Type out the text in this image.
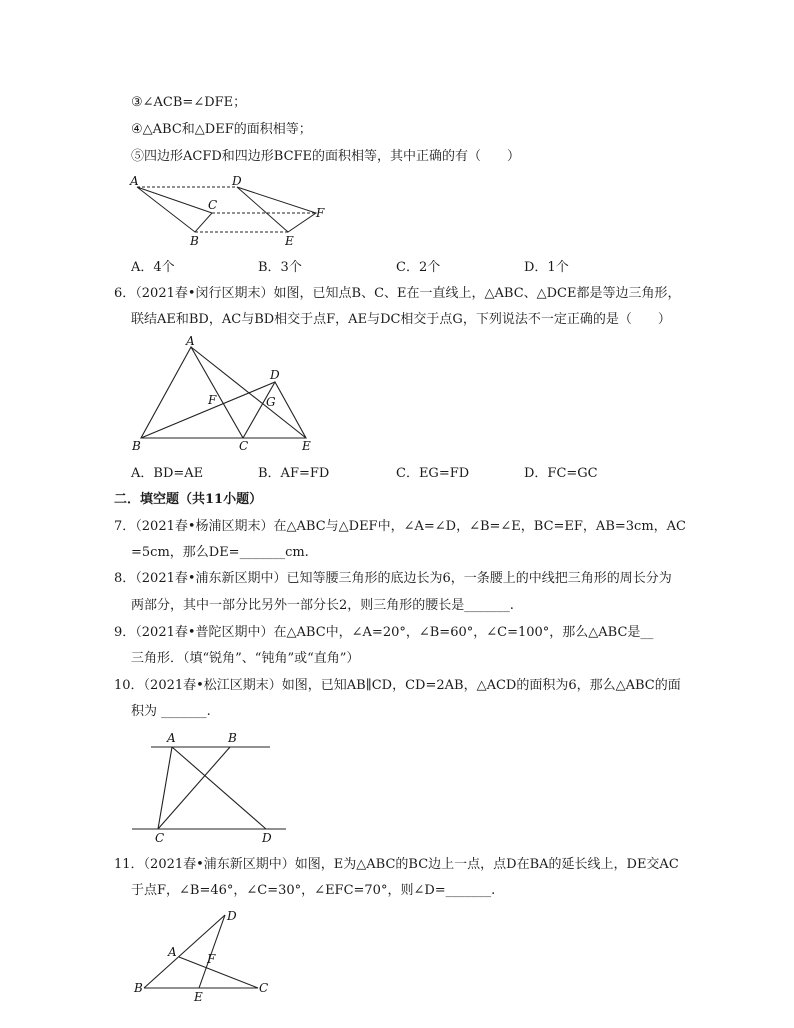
③∠ACB=∠DFE；
④△ABC和△DEF的面积相等；
⑤四边形ACFD和四边形BCFE的面积相等，其中正确的有（　　）
A	D
C
F
B	E
A．4个	B．3个	C．2个	D．1个
6．（2021春•闵行区期末）如图，已知点B、C、E在一直线上，△ABC、△DCE都是等边三角形，
联结AE和BD，AC与BD相交于点F，AE与DC相交于点G，下列说法不一定正确的是（　　）
A
D
F	G
B	C	E
A．BD=AE	B．AF=FD	C．EG=FD	D．FC=GC
二．填空题（共11小题）
7．（2021春•杨浦区期末）在△ABC与△DEF中，∠A=∠D，∠B=∠E，BC=EF，AB=3cm，AC
=5cm，那么DE=_______cm.
8．（2021春•浦东新区期中）已知等腰三角形的底边长为6，一条腰上的中线把三角形的周长分为
两部分，其中一部分比另外一部分长2，则三角形的腰长是_______.
9．（2021春•普陀区期中）在△ABC中，∠A=20°，∠B=60°，∠C=100°，那么△ABC是__
三角形．（填“锐角”、“钝角”或“直角”）
10．（2021春•松江区期末）如图，已知AB∥CD，CD=2AB，△ACD的面积为6，那么△ABC的面
积为 _______.
A	B
C	D
11．（2021春•浦东新区期中）如图，E为△ABC的BC边上一点，点D在BA的延长线上，DE交AC
于点F，∠B=46°，∠C=30°，∠EFC=70°，则∠D=_______.
D
A	F
B
E
C
